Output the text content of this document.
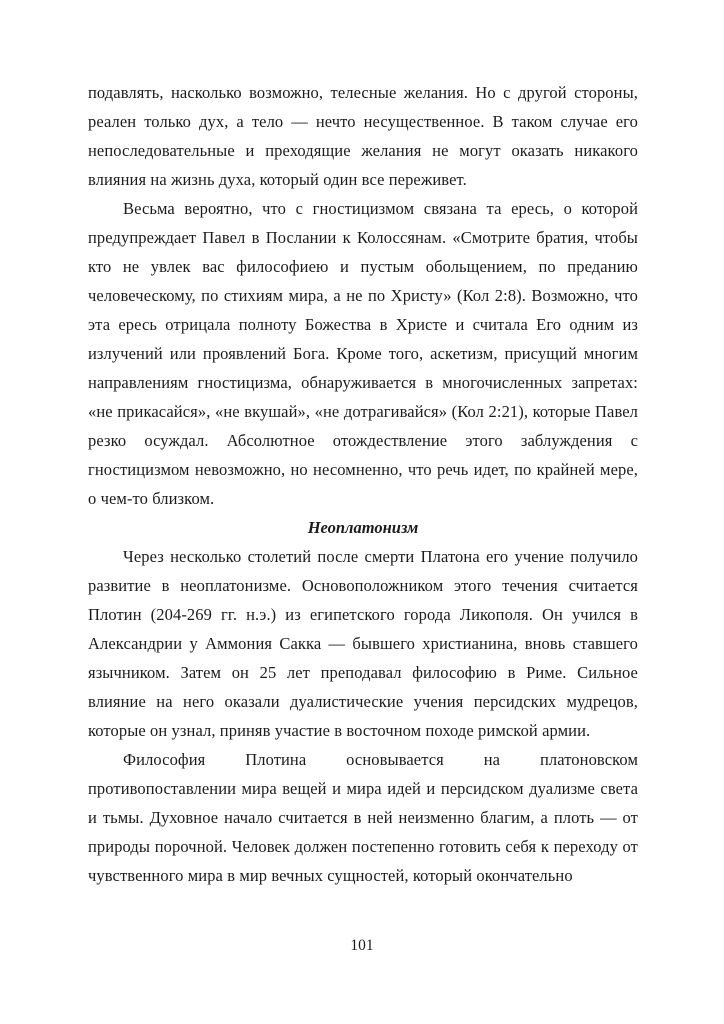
подавлять, насколько возможно, телесные желания. Но с другой стороны, реален только дух, а тело — нечто несущественное. В таком случае его непоследовательные и преходящие желания не могут оказать никакого влияния на жизнь духа, который один все переживет.

Весьма вероятно, что с гностицизмом связана та ересь, о которой предупреждает Павел в Послании к Колоссянам. «Смотрите братия, чтобы кто не увлек вас философиею и пустым обольщением, по преданию человеческому, по стихиям мира, а не по Христу» (Кол 2:8). Возможно, что эта ересь отрицала полноту Божества в Христе и считала Его одним из излучений или проявлений Бога. Кроме того, аскетизм, присущий многим направлениям гностицизма, обнаруживается в многочисленных запретах: «не прикасайся», «не вкушай», «не дотрагивайся» (Кол 2:21), которые Павел резко осуждал. Абсолютное отождествление этого заблуждения с гностицизмом невозможно, но несомненно, что речь идет, по крайней мере, о чем-то близком.

Неоплатонизм

Через несколько столетий после смерти Платона его учение получило развитие в неоплатонизме. Основоположником этого течения считается Плотин (204-269 гг. н.э.) из египетского города Ликополя. Он учился в Александрии у Аммония Сакка — бывшего христианина, вновь ставшего язычником. Затем он 25 лет преподавал философию в Риме. Сильное влияние на него оказали дуалистические учения персидских мудрецов, которые он узнал, приняв участие в восточном походе римской армии.

Философия Плотина основывается на платоновском противопоставлении мира вещей и мира идей и персидском дуализме света и тьмы. Духовное начало считается в ней неизменно благим, а плоть — от природы порочной. Человек должен постепенно готовить себя к переходу от чувственного мира в мир вечных сущностей, который окончательно

101
